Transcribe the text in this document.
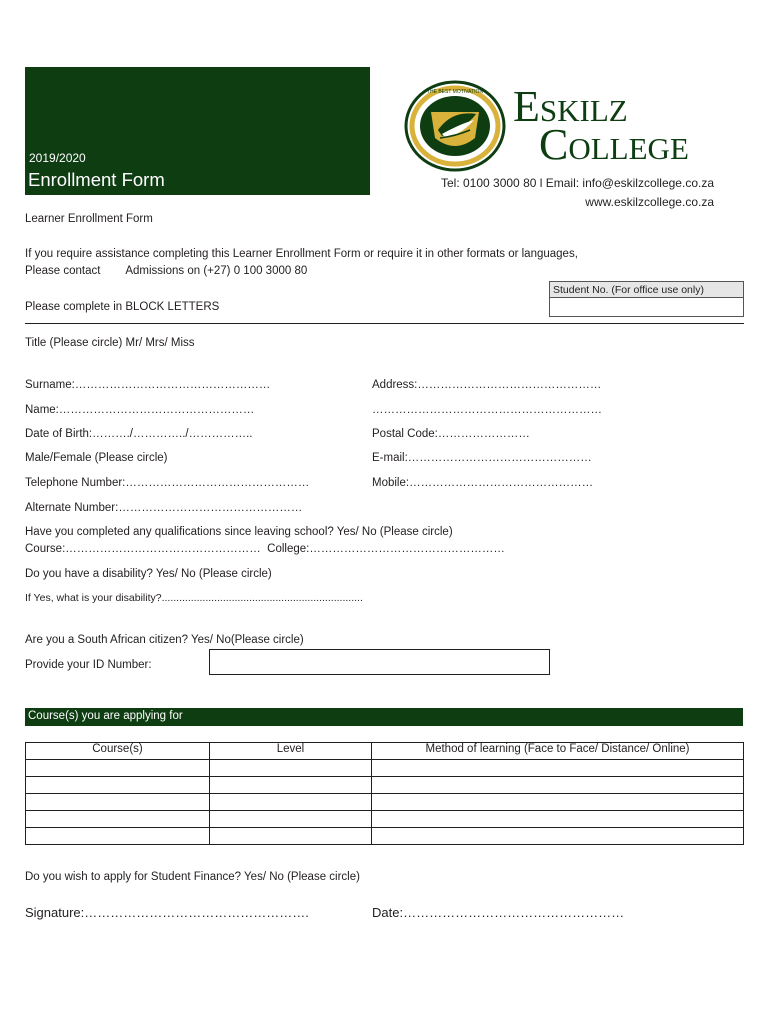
2019/2020
Enrollment Form
THE BEST MOTIVATION ESKILZ
COLLEGE
Tel: 0100 3000 80 l Email: info@eskilzcollege.co.za
www.eskilzcollege.co.za
Learner Enrollment Form
If you require assistance completing this Learner Enrollment Form or require it in other formats or languages,
Please contact        Admissions on (+27) 0 100 3000 80
Student No. (For office use only)
Please complete in BLOCK LETTERS
Title (Please circle) Mr/ Mrs/ Miss
Surname:……………………………………………	Address:…………………………………………
Name:……………………………………………	……………………………………………………
Date of Birth:………./…………../……………..	Postal Code:……………………
Male/Female (Please circle)	E-mail:…………………………………………
Telephone Number:…………………………………………	Mobile:…………………………………………
Alternate Number:…………………………………………
Have you completed any qualifications since leaving school? Yes/ No (Please circle)
Course:……………………………………………  College:……………………………………………
Do you have a disability? Yes/ No (Please circle)
If Yes, what is your disability?.....................................................................
Are you a South African citizen? Yes/ No(Please circle)
Provide your ID Number:
Course(s) you are applying for
Course(s)	Level	Method of learning (Face to Face/ Distance/ Online)

Do you wish to apply for Student Finance? Yes/ No (Please circle)
Signature:…………………………………………….	Date:……………………………………………
